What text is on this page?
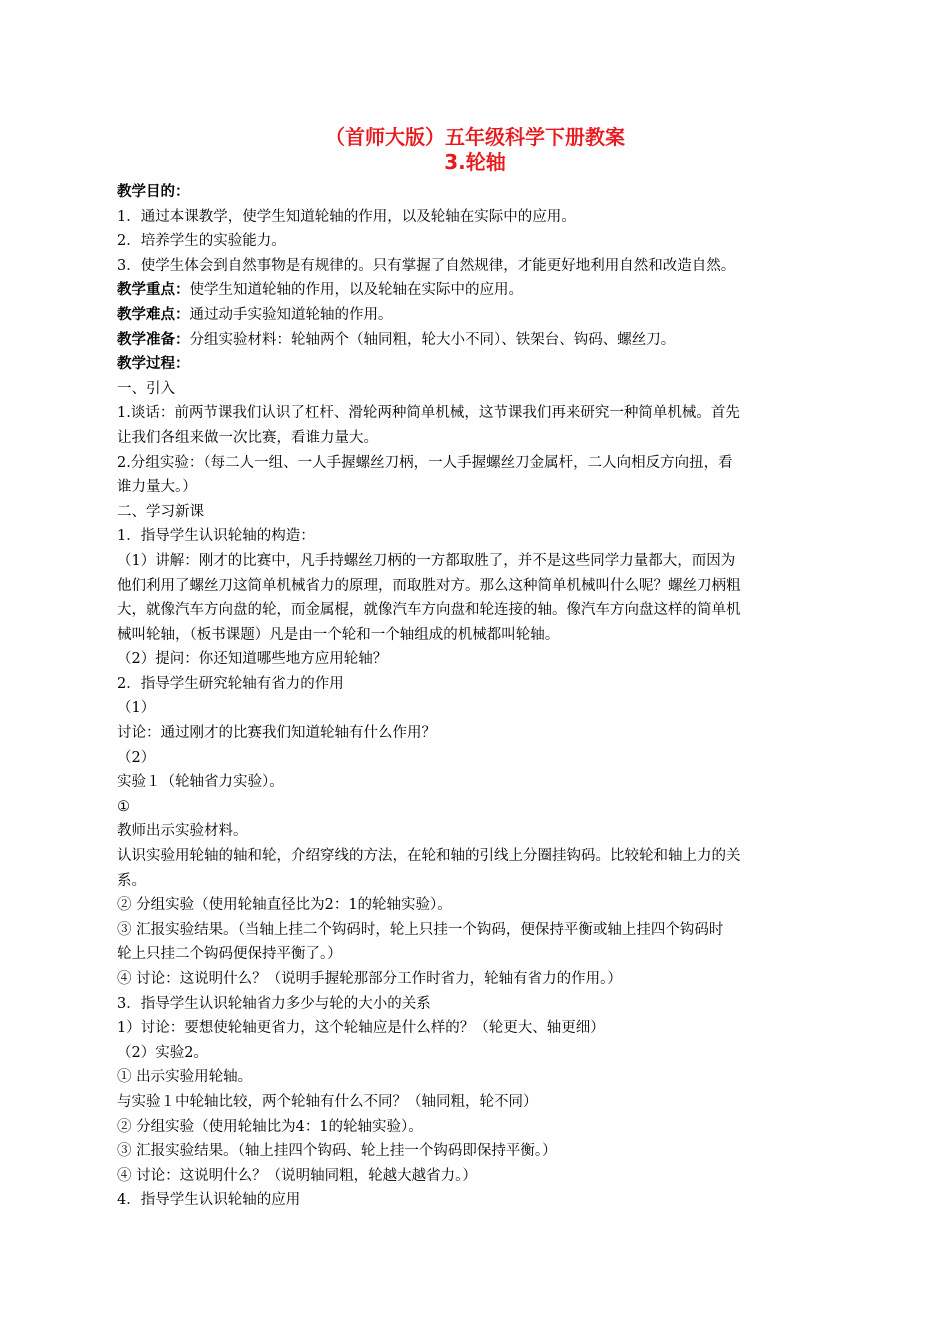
（首师大版）五年级科学下册教案
3.轮轴
教学目的：
1．通过本课教学，使学生知道轮轴的作用，以及轮轴在实际中的应用。
2．培养学生的实验能力。
3．使学生体会到自然事物是有规律的。只有掌握了自然规律，才能更好地利用自然和改造自然。
教学重点：使学生知道轮轴的作用，以及轮轴在实际中的应用。
教学难点：通过动手实验知道轮轴的作用。
教学准备：分组实验材料：轮轴两个（轴同粗，轮大小不同）、铁架台、钩码、螺丝刀。
教学过程：
一、引入
1.谈话：前两节课我们认识了杠杆、滑轮两种简单机械，这节课我们再来研究一种简单机械。首先
让我们各组来做一次比赛，看谁力量大。
2.分组实验：（每二人一组、一人手握螺丝刀柄，一人手握螺丝刀金属杆，二人向相反方向扭，看
谁力量大。）
二、学习新课
1．指导学生认识轮轴的构造：
（1）讲解：刚才的比赛中，凡手持螺丝刀柄的一方都取胜了，并不是这些同学力量都大，而因为
他们利用了螺丝刀这简单机械省力的原理，而取胜对方。那么这种简单机械叫什么呢？螺丝刀柄粗
大，就像汽车方向盘的轮，而金属棍，就像汽车方向盘和轮连接的轴。像汽车方向盘这样的简单机
械叫轮轴，（板书课题）凡是由一个轮和一个轴组成的机械都叫轮轴。
（2）提问：你还知道哪些地方应用轮轴？
2．指导学生研究轮轴有省力的作用
（1）
讨论：通过刚才的比赛我们知道轮轴有什么作用？
（2）
实验１（轮轴省力实验）。
①
教师出示实验材料。
认识实验用轮轴的轴和轮，介绍穿线的方法，在轮和轴的引线上分圈挂钩码。比较轮和轴上力的关
系。
② 分组实验（使用轮轴直径比为2：1的轮轴实验）。
③ 汇报实验结果。（当轴上挂二个钩码时，轮上只挂一个钩码，便保持平衡或轴上挂四个钩码时
轮上只挂二个钩码便保持平衡了。）
④ 讨论：这说明什么？（说明手握轮那部分工作时省力，轮轴有省力的作用。）
3．指导学生认识轮轴省力多少与轮的大小的关系
1）讨论：要想使轮轴更省力，这个轮轴应是什么样的？（轮更大、轴更细）
（2）实验2。
① 出示实验用轮轴。
与实验１中轮轴比较，两个轮轴有什么不同？（轴同粗，轮不同）
② 分组实验（使用轮轴比为4：1的轮轴实验）。
③ 汇报实验结果。（轴上挂四个钩码、轮上挂一个钩码即保持平衡。）
④ 讨论：这说明什么？（说明轴同粗，轮越大越省力。）
4．指导学生认识轮轴的应用
